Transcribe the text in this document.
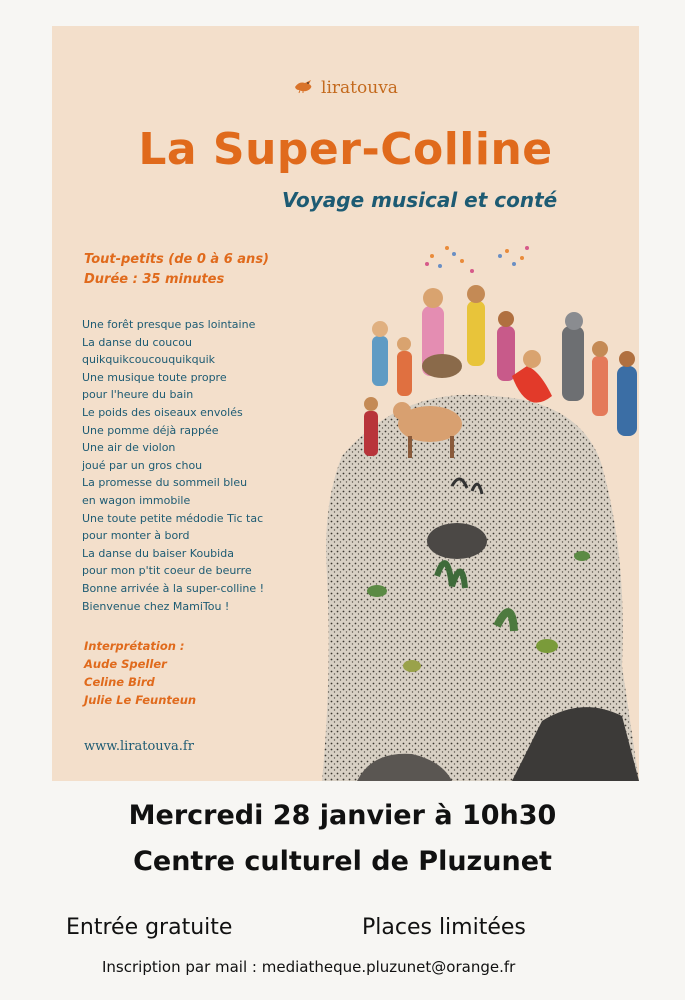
liratouva
La Super-Colline
Voyage musical et conté
Tout-petits (de 0 à 6 ans)
Durée : 35 minutes
Une forêt presque pas lointaine
La danse du coucou
quikquikcoucouquikquik
Une musique toute propre
pour l'heure du bain
Le poids des oiseaux envolés
Une pomme déjà rappée
Une air de violon
joué par un gros chou
La promesse du sommeil bleu
en wagon immobile
Une toute petite médodie Tic tac
pour monter à bord
La danse du baiser Koubida
pour mon p'tit coeur de beurre
Bonne arrivée à la super-colline !
Bienvenue chez MamiTou !
Interprétation :
Aude Speller
Celine Bird
Julie Le Feunteun
www.liratouva.fr
Mercredi 28 janvier à 10h30
Centre culturel de Pluzunet
Entrée gratuite	Places limitées
Inscription par mail : mediatheque.pluzunet@orange.fr
